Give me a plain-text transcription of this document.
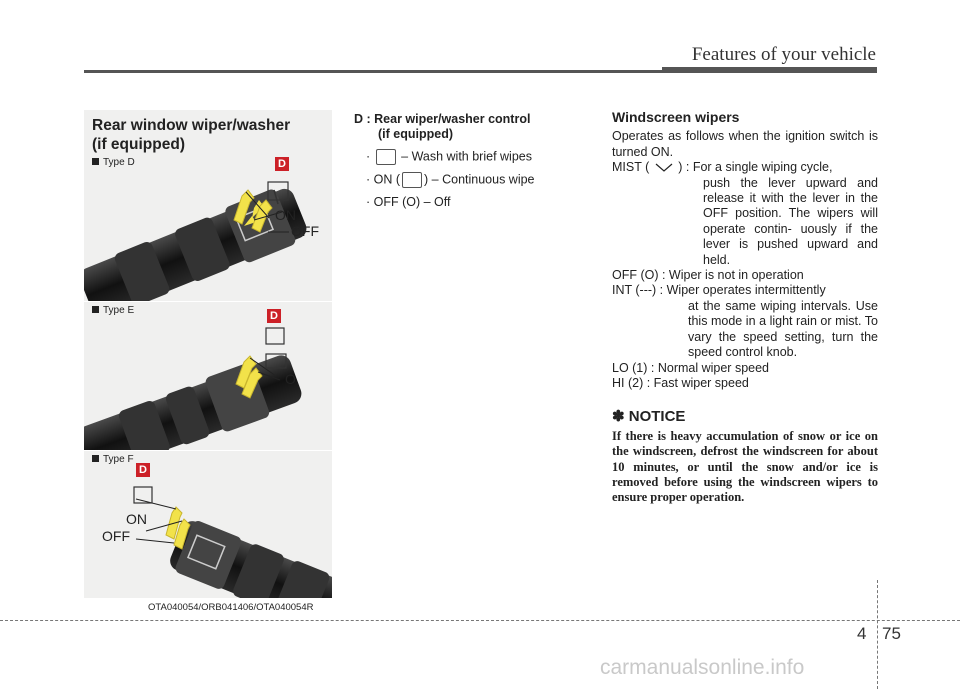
Features of your vehicle
Rear window wiper/washer
(if equipped)
Type D	D
ON
OFF
Type E	D
O
Type F
D
ON
OFF
OTA040054/ORB041406/OTA040054R
D : Rear wiper/washer control
(if equipped)
· – Wash with brief wipes
· ON ( ) – Continuous wipe
· OFF (O) – Off
Windscreen wipers

Operates as follows when the ignition switch is turned ON.

MIST ( ) : For a single wiping cycle,

push the lever upward and release it with the lever in the OFF position. The wipers will operate contin- uously if the lever is pushed upward and held.

OFF (O) : Wiper is not in operation

INT (---) : Wiper operates intermittently

at the same wiping intervals. Use this mode in a light rain or mist. To vary the speed setting, turn the speed control knob.

LO (1) : Normal wiper speed

HI (2) : Fast wiper speed

✽ NOTICE
If there is heavy accumulation of snow or ice on the windscreen, defrost the windscreen for about 10 minutes, or until the snow and/or ice is removed before using the windscreen wipers to ensure proper operation.
4 75
carmanualsonline.info
